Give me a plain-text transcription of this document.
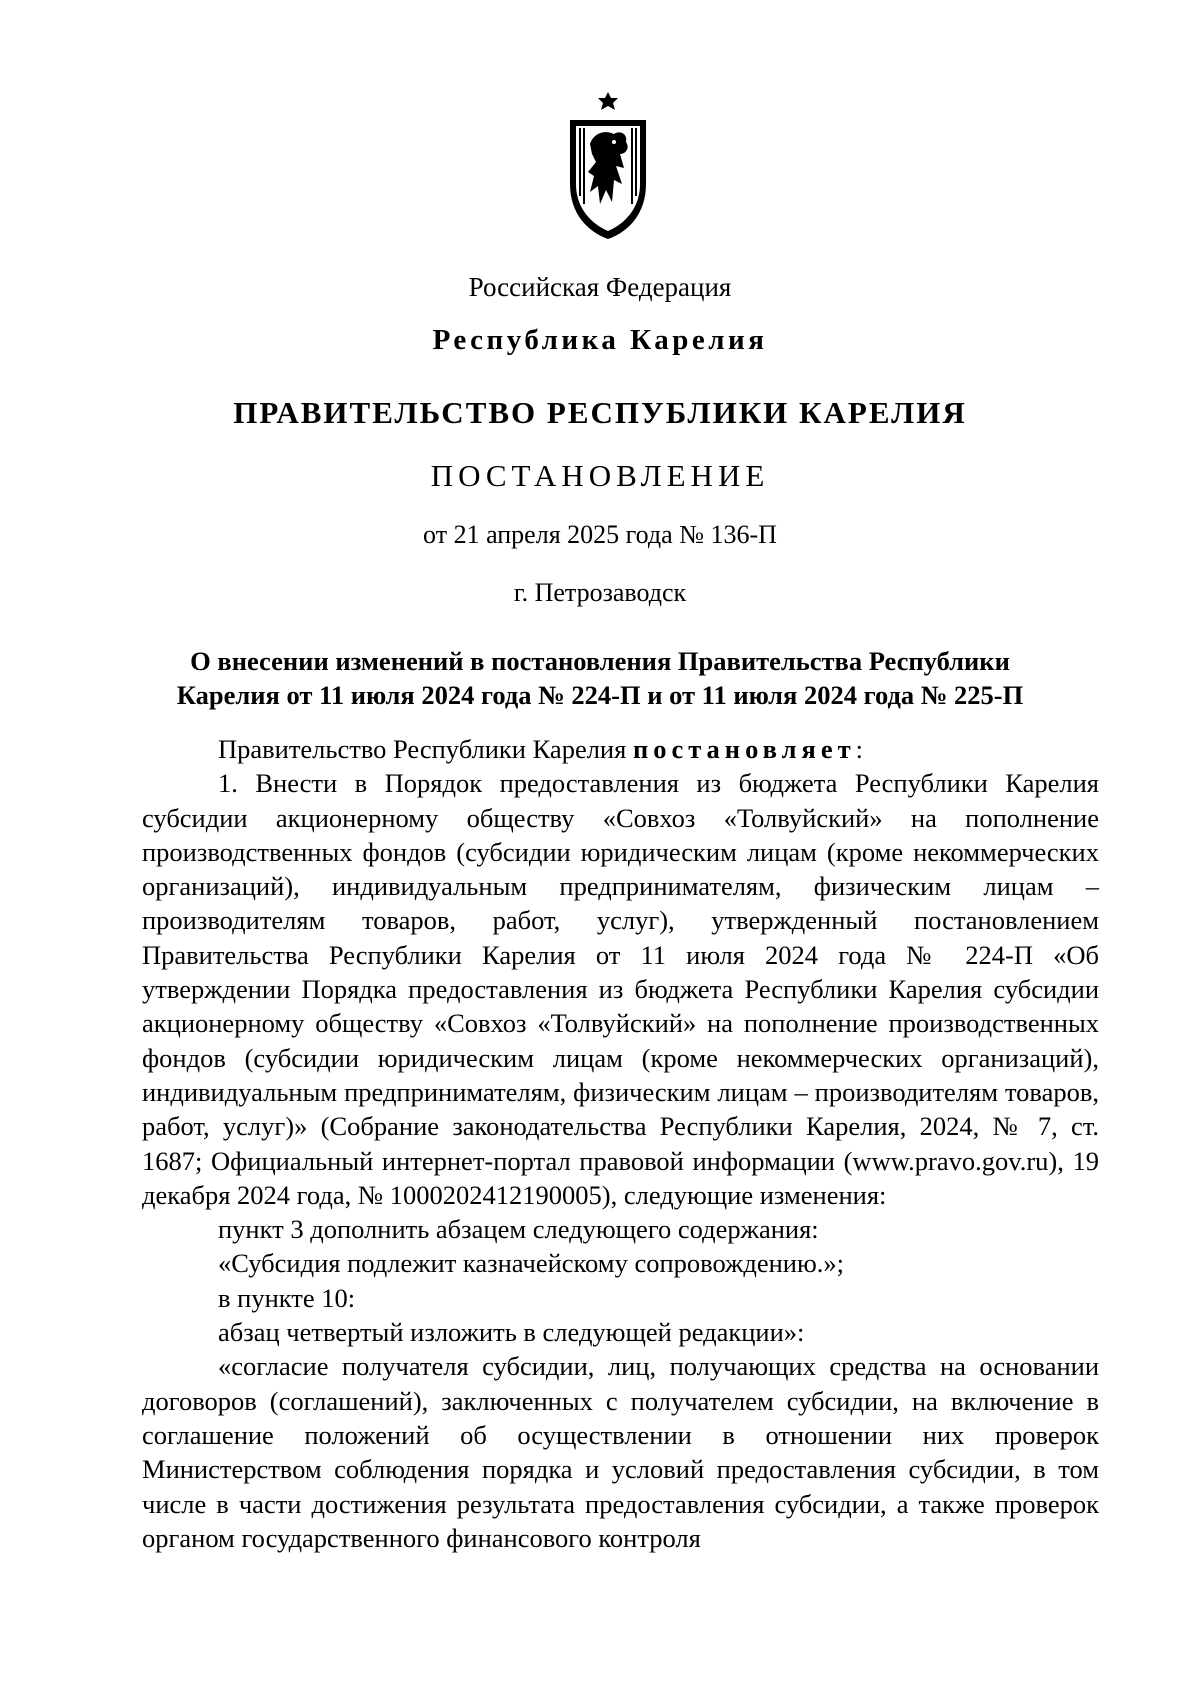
Российская Федерация
Республика Карелия
ПРАВИТЕЛЬСТВО РЕСПУБЛИКИ КАРЕЛИЯ
ПОСТАНОВЛЕНИЕ
от 21 апреля 2025 года № 136-П
г. Петрозаводск
О внесении изменений в постановления Правительства Республики
Карелия от 11 июля 2024 года № 224-П и от 11 июля 2024 года № 225-П

Правительство Республики Карелия постановляет:

1. Внести в Порядок предоставления из бюджета Республики Карелия субсидии акционерному обществу «Совхоз «Толвуйский» на пополнение производственных фондов (субсидии юридическим лицам (кроме некоммерческих организаций), индивидуальным предпринимателям, физическим лицам – производителям товаров, работ, услуг), утвержденный постановлением Правительства Республики Карелия от 11 июля 2024 года № 224-П «Об утверждении Порядка предоставления из бюджета Республики Карелия субсидии акционерному обществу «Совхоз «Толвуйский» на пополнение производственных фондов (субсидии юридическим лицам (кроме некоммерческих организаций), индивидуальным предпринимателям, физическим лицам – производителям товаров, работ, услуг)» (Собрание законодательства Республики Карелия, 2024, № 7, ст. 1687; Официальный интернет-портал правовой информации (www.pravo.gov.ru), 19 декабря 2024 года, № 1000202412190005), следующие изменения:

пункт 3 дополнить абзацем следующего содержания:

«Субсидия подлежит казначейскому сопровождению.»;

в пункте 10:

абзац четвертый изложить в следующей редакции»:

«согласие получателя субсидии, лиц, получающих средства на основании договоров (соглашений), заключенных с получателем субсидии, на включение в соглашение положений об осуществлении в отношении них проверок Министерством соблюдения порядка и условий предоставления субсидии, в том числе в части достижения результата предоставления субсидии, а также проверок органом государственного финансового контроля
